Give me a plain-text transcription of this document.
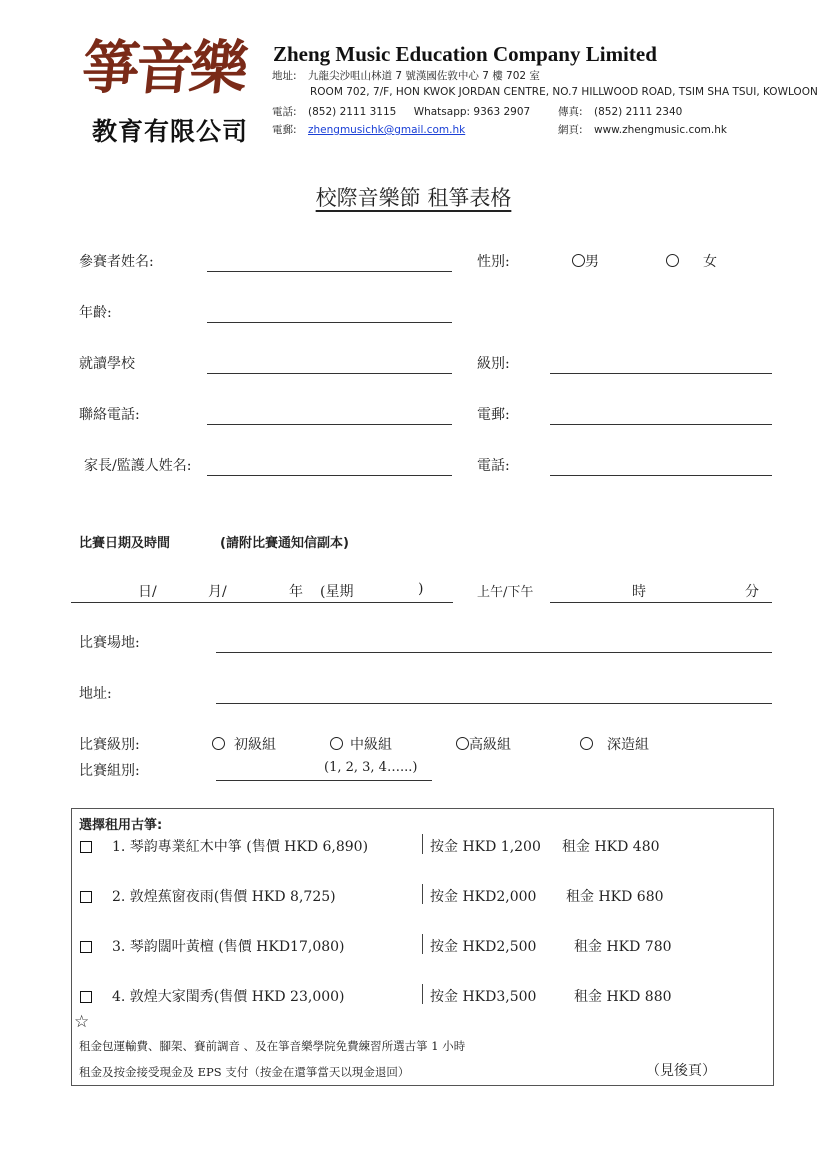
箏音樂
教育有限公司
Zheng Music Education Company Limited
地址: 九龍尖沙咀山林道 7 號漢國佐敦中心 7 樓 702 室
ROOM 702, 7/F, HON KWOK JORDAN CENTRE, NO.7 HILLWOOD ROAD, TSIM SHA TSUI, KOWLOON
電話: (852) 2111 3115 Whatsapp: 9363 2907	傳真: (852) 2111 2340
電郵: zhengmusichk@gmail.com.hk	網頁: www.zhengmusic.com.hk
校際音樂節 租箏表格
參賽者姓名:	性別:	男	女
年齡:
就讀學校	級別:
聯絡電話:	電郵:
家長/監護人姓名:	電話:
比賽日期及時間	(請附比賽通知信副本)
日/	月/	年 (星期	)	上午/下午	時	分
比賽場地:
地址:
比賽級別:	初級組	中級組	高級組	深造組
比賽組別:	(1, 2, 3, 4…...)
選擇租用古箏:
1. 琴韵專業紅木中箏 (售價 HKD 6,890)	按金 HKD 1,200 租金 HKD 480
2. 敦煌蕉窗夜雨(售價 HKD 8,725)	按金 HKD2,000 租金 HKD 680
3. 琴韵闊叶黃檀 (售價 HKD17,080)	按金 HKD2,500	租金 HKD 780
4. 敦煌大家閨秀(售價 HKD 23,000)	按金 HKD3,500	租金 HKD 880
☆
租金包運輸費、腳架、賽前調音 、及在箏音樂學院免費練習所選古箏 1 小時
租金及按金接受現金及 EPS 支付（按金在還箏當天以現金退回）	（見後頁）
